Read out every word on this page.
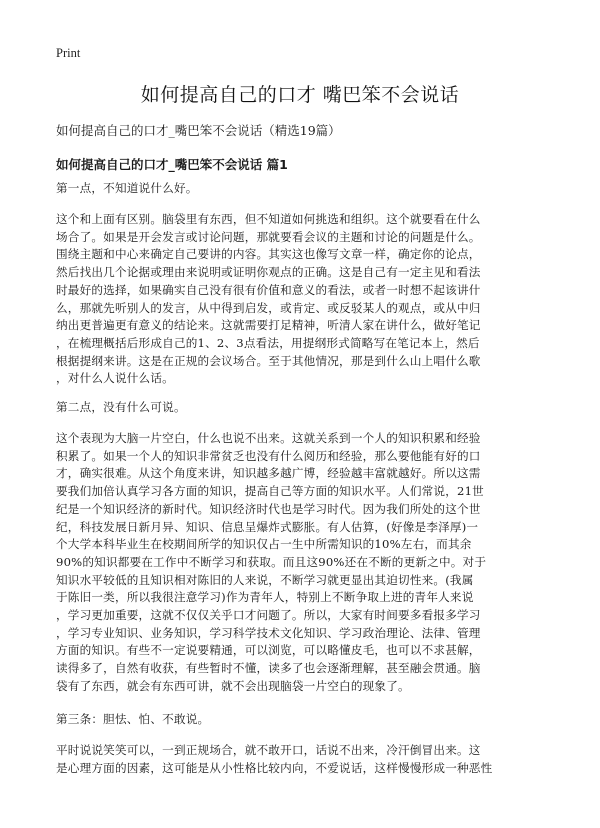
Print
如何提高自己的口才 嘴巴笨不会说话
如何提高自己的口才_嘴巴笨不会说话（精选19篇）
如何提高自己的口才_嘴巴笨不会说话 篇1
第一点，不知道说什么好。
这个和上面有区别。脑袋里有东西，但不知道如何挑选和组织。这个就要看在什么
场合了。如果是开会发言或讨论问题，那就要看会议的主题和讨论的问题是什么。
围绕主题和中心来确定自己要讲的内容。其实这也像写文章一样，确定你的论点，
然后找出几个论据或理由来说明或证明你观点的正确。这是自己有一定主见和看法
时最好的选择，如果确实自己没有很有价值和意义的看法，或者一时想不起该讲什
么，那就先听别人的发言，从中得到启发，或肯定、或反驳某人的观点，或从中归
纳出更普遍更有意义的结论来。这就需要打足精神，听清人家在讲什么，做好笔记
，在梳理概括后形成自己的1、2、3点看法，用提纲形式简略写在笔记本上，然后
根据提纲来讲。这是在正规的会议场合。至于其他情况，那是到什么山上唱什么歌
，对什么人说什么话。
第二点，没有什么可说。
这个表现为大脑一片空白，什么也说不出来。这就关系到一个人的知识积累和经验
积累了。如果一个人的知识非常贫乏也没有什么阅历和经验，那么要他能有好的口
才，确实很难。从这个角度来讲，知识越多越广博，经验越丰富就越好。所以这需
要我们加倍认真学习各方面的知识，提高自己等方面的知识水平。人们常说，21世
纪是一个知识经济的新时代。知识经济时代也是学习时代。因为我们所处的这个世
纪，科技发展日新月异、知识、信息呈爆炸式膨胀。有人估算，(好像是李泽厚)一
个大学本科毕业生在校期间所学的知识仅占一生中所需知识的10%左右，而其余
90%的知识都要在工作中不断学习和获取。而且这90%还在不断的更新之中。对于
知识水平较低的且知识相对陈旧的人来说，不断学习就更显出其迫切性来。(我属
于陈旧一类，所以我很注意学习)作为青年人，特别上不断争取上进的青年人来说
，学习更加重要，这就不仅仅关乎口才问题了。所以，大家有时间要多看报多学习
，学习专业知识、业务知识，学习科学技术文化知识、学习政治理论、法律、管理
方面的知识。有些不一定说要精通，可以浏览，可以略懂皮毛，也可以不求甚解，
读得多了，自然有收获，有些暂时不懂，读多了也会逐渐理解，甚至融会贯通。脑
袋有了东西，就会有东西可讲，就不会出现脑袋一片空白的现象了。
第三条：胆怯、怕、不敢说。
平时说说笑笑可以，一到正规场合，就不敢开口，话说不出来，冷汗倒冒出来。这
是心理方面的因素，这可能是从小性格比较内向，不爱说话，这样慢慢形成一种恶性
